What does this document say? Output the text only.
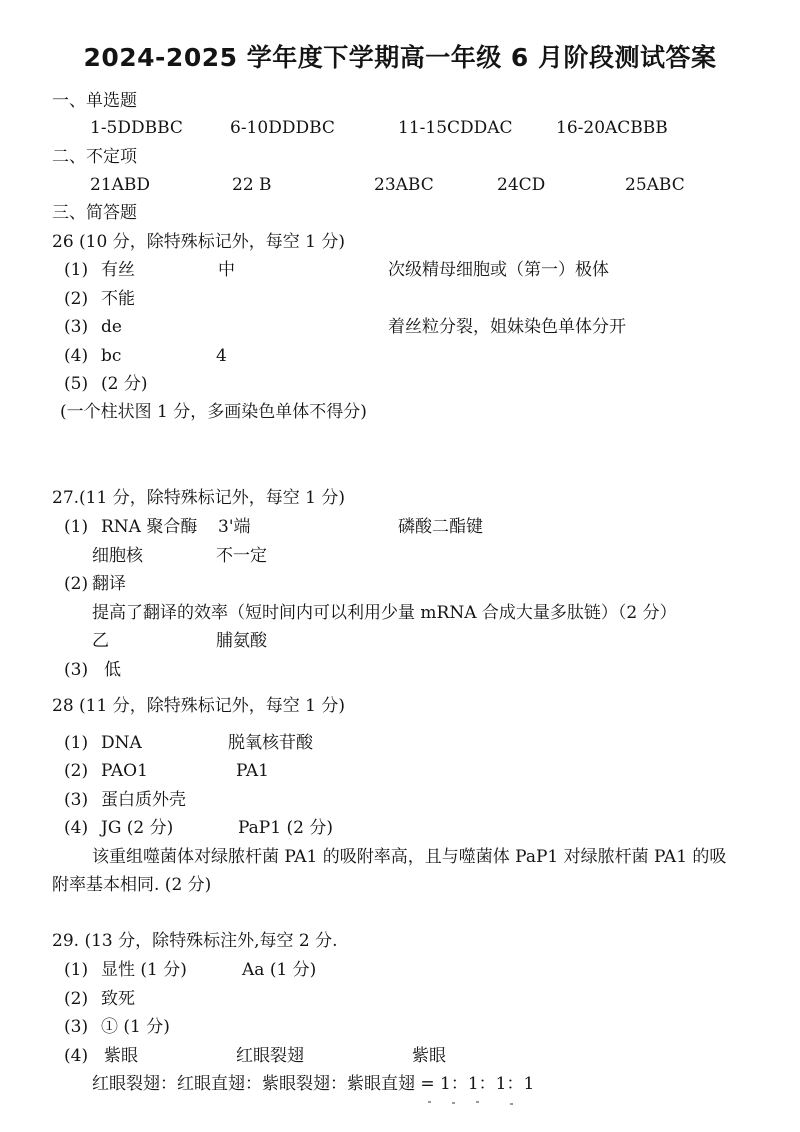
2024-2025 学年度下学期高一年级 6 月阶段测试答案
一、单选题
1-5DDBBC	6-10DDDBC	11-15CDDAC	16-20ACBBB
二、不定项
21ABD	22 B	23ABC	24CD	25ABC
三、简答题
26 (10 分，除特殊标记外，每空 1 分)
(1) 有丝	中	次级精母细胞或（第一）极体
(2) 不能
(3) de	着丝粒分裂，姐妹染色单体分开
(4) bc	4
(5) (2 分)
(一个柱状图 1 分，多画染色单体不得分)
27.(11 分，除特殊标记外，每空 1 分)
(1) RNA 聚合酶 3'端	磷酸二酯键
细胞核	不一定
(2) 翻译
提高了翻译的效率（短时间内可以利用少量 mRNA 合成大量多肽链）（2 分）
乙	脯氨酸
(3) 低
28 (11 分，除特殊标记外，每空 1 分)
(1) DNA	脱氧核苷酸
(2) PAO1	PA1
(3) 蛋白质外壳
(4) JG (2 分)	PaP1 (2 分)
该重组噬菌体对绿脓杆菌 PA1 的吸附率高，且与噬菌体 PaP1 对绿脓杆菌 PA1 的吸
附率基本相同. (2 分)
29. (13 分，除特殊标注外,每空 2 分.
(1) 显性 (1 分)	Aa (1 分)
(2) 致死
(3) ① (1 分)
(4) 紫眼	红眼裂翅	紫眼
红眼裂翅：红眼直翅：紫眼裂翅：紫眼直翅 = 1：1：1：1
